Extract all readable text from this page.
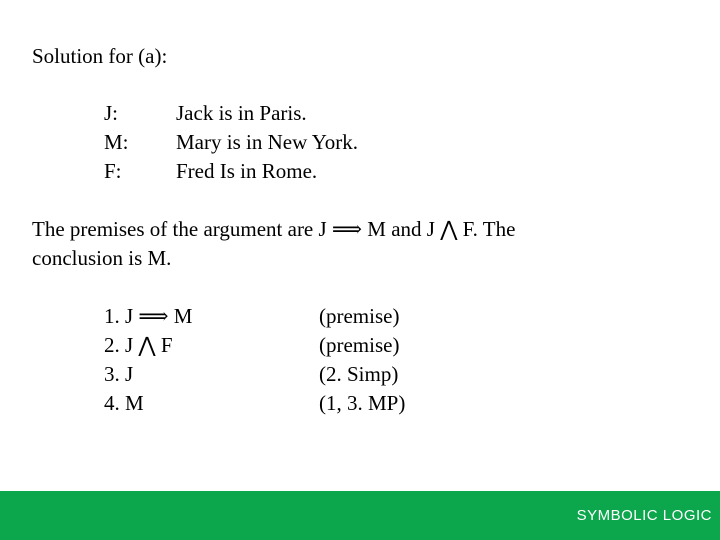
Solution for (a):
J:	Jack is in Paris.
M:	Mary is in New York.
F:	Fred Is in Rome.
The premises of the argument are J ⟹ M and J ⋀ F. The
conclusion is M.
1. J ⟹ M	(premise)
2. J ⋀ F	(premise)
3. J	(2. Simp)
4. M	(1, 3. MP)
SYMBOLIC LOGIC
